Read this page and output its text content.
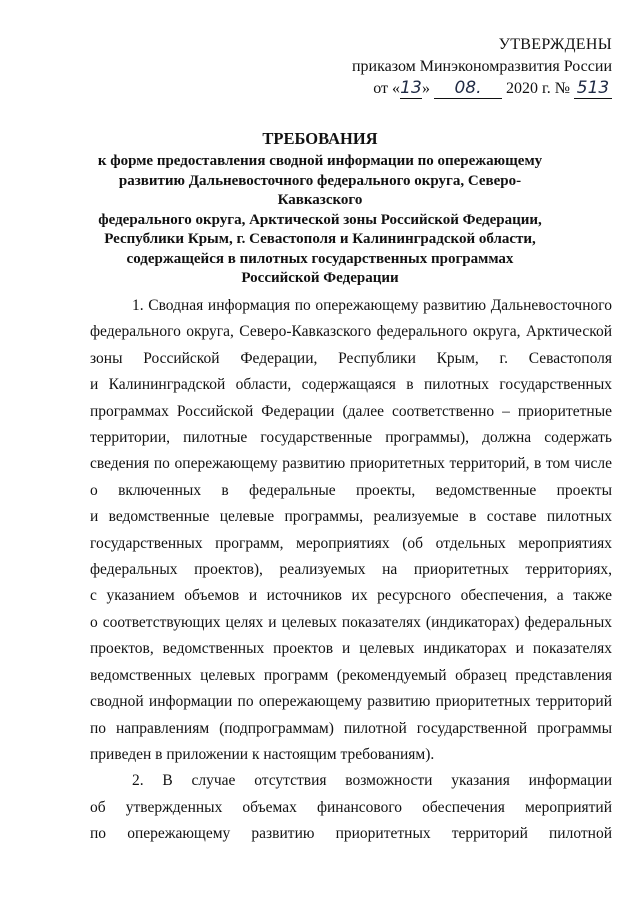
УТВЕРЖДЕНЫ
приказом Минэкономразвития России
от «13» 08. 2020 г. № 513
ТРЕБОВАНИЯ
к форме предоставления сводной информации по опережающему
развитию Дальневосточного федерального округа, Северо-Кавказского
федерального округа, Арктической зоны Российской Федерации,
Республики Крым, г. Севастополя и Калининградской области,
содержащейся в пилотных государственных программах
Российской Федерации
1. Сводная информация по опережающему развитию Дальневосточного
федерального округа, Северо-Кавказского федерального округа, Арктической
зоны Российской Федерации, Республики Крым, г. Севастополя
и Калининградской области, содержащаяся в пилотных государственных
программах Российской Федерации (далее соответственно – приоритетные
территории, пилотные государственные программы), должна содержать
сведения по опережающему развитию приоритетных территорий, в том числе
о включенных в федеральные проекты, ведомственные проекты
и ведомственные целевые программы, реализуемые в составе пилотных
государственных программ, мероприятиях (об отдельных мероприятиях
федеральных проектов), реализуемых на приоритетных территориях,
с указанием объемов и источников их ресурсного обеспечения, а также
о соответствующих целях и целевых показателях (индикаторах) федеральных
проектов, ведомственных проектов и целевых индикаторах и показателях
ведомственных целевых программ (рекомендуемый образец представления
сводной информации по опережающему развитию приоритетных территорий
по направлениям (подпрограммам) пилотной государственной программы
приведен в приложении к настоящим требованиям).
2. В случае отсутствия возможности указания информации
об утвержденных объемах финансового обеспечения мероприятий
по опережающему развитию приоритетных территорий пилотной
